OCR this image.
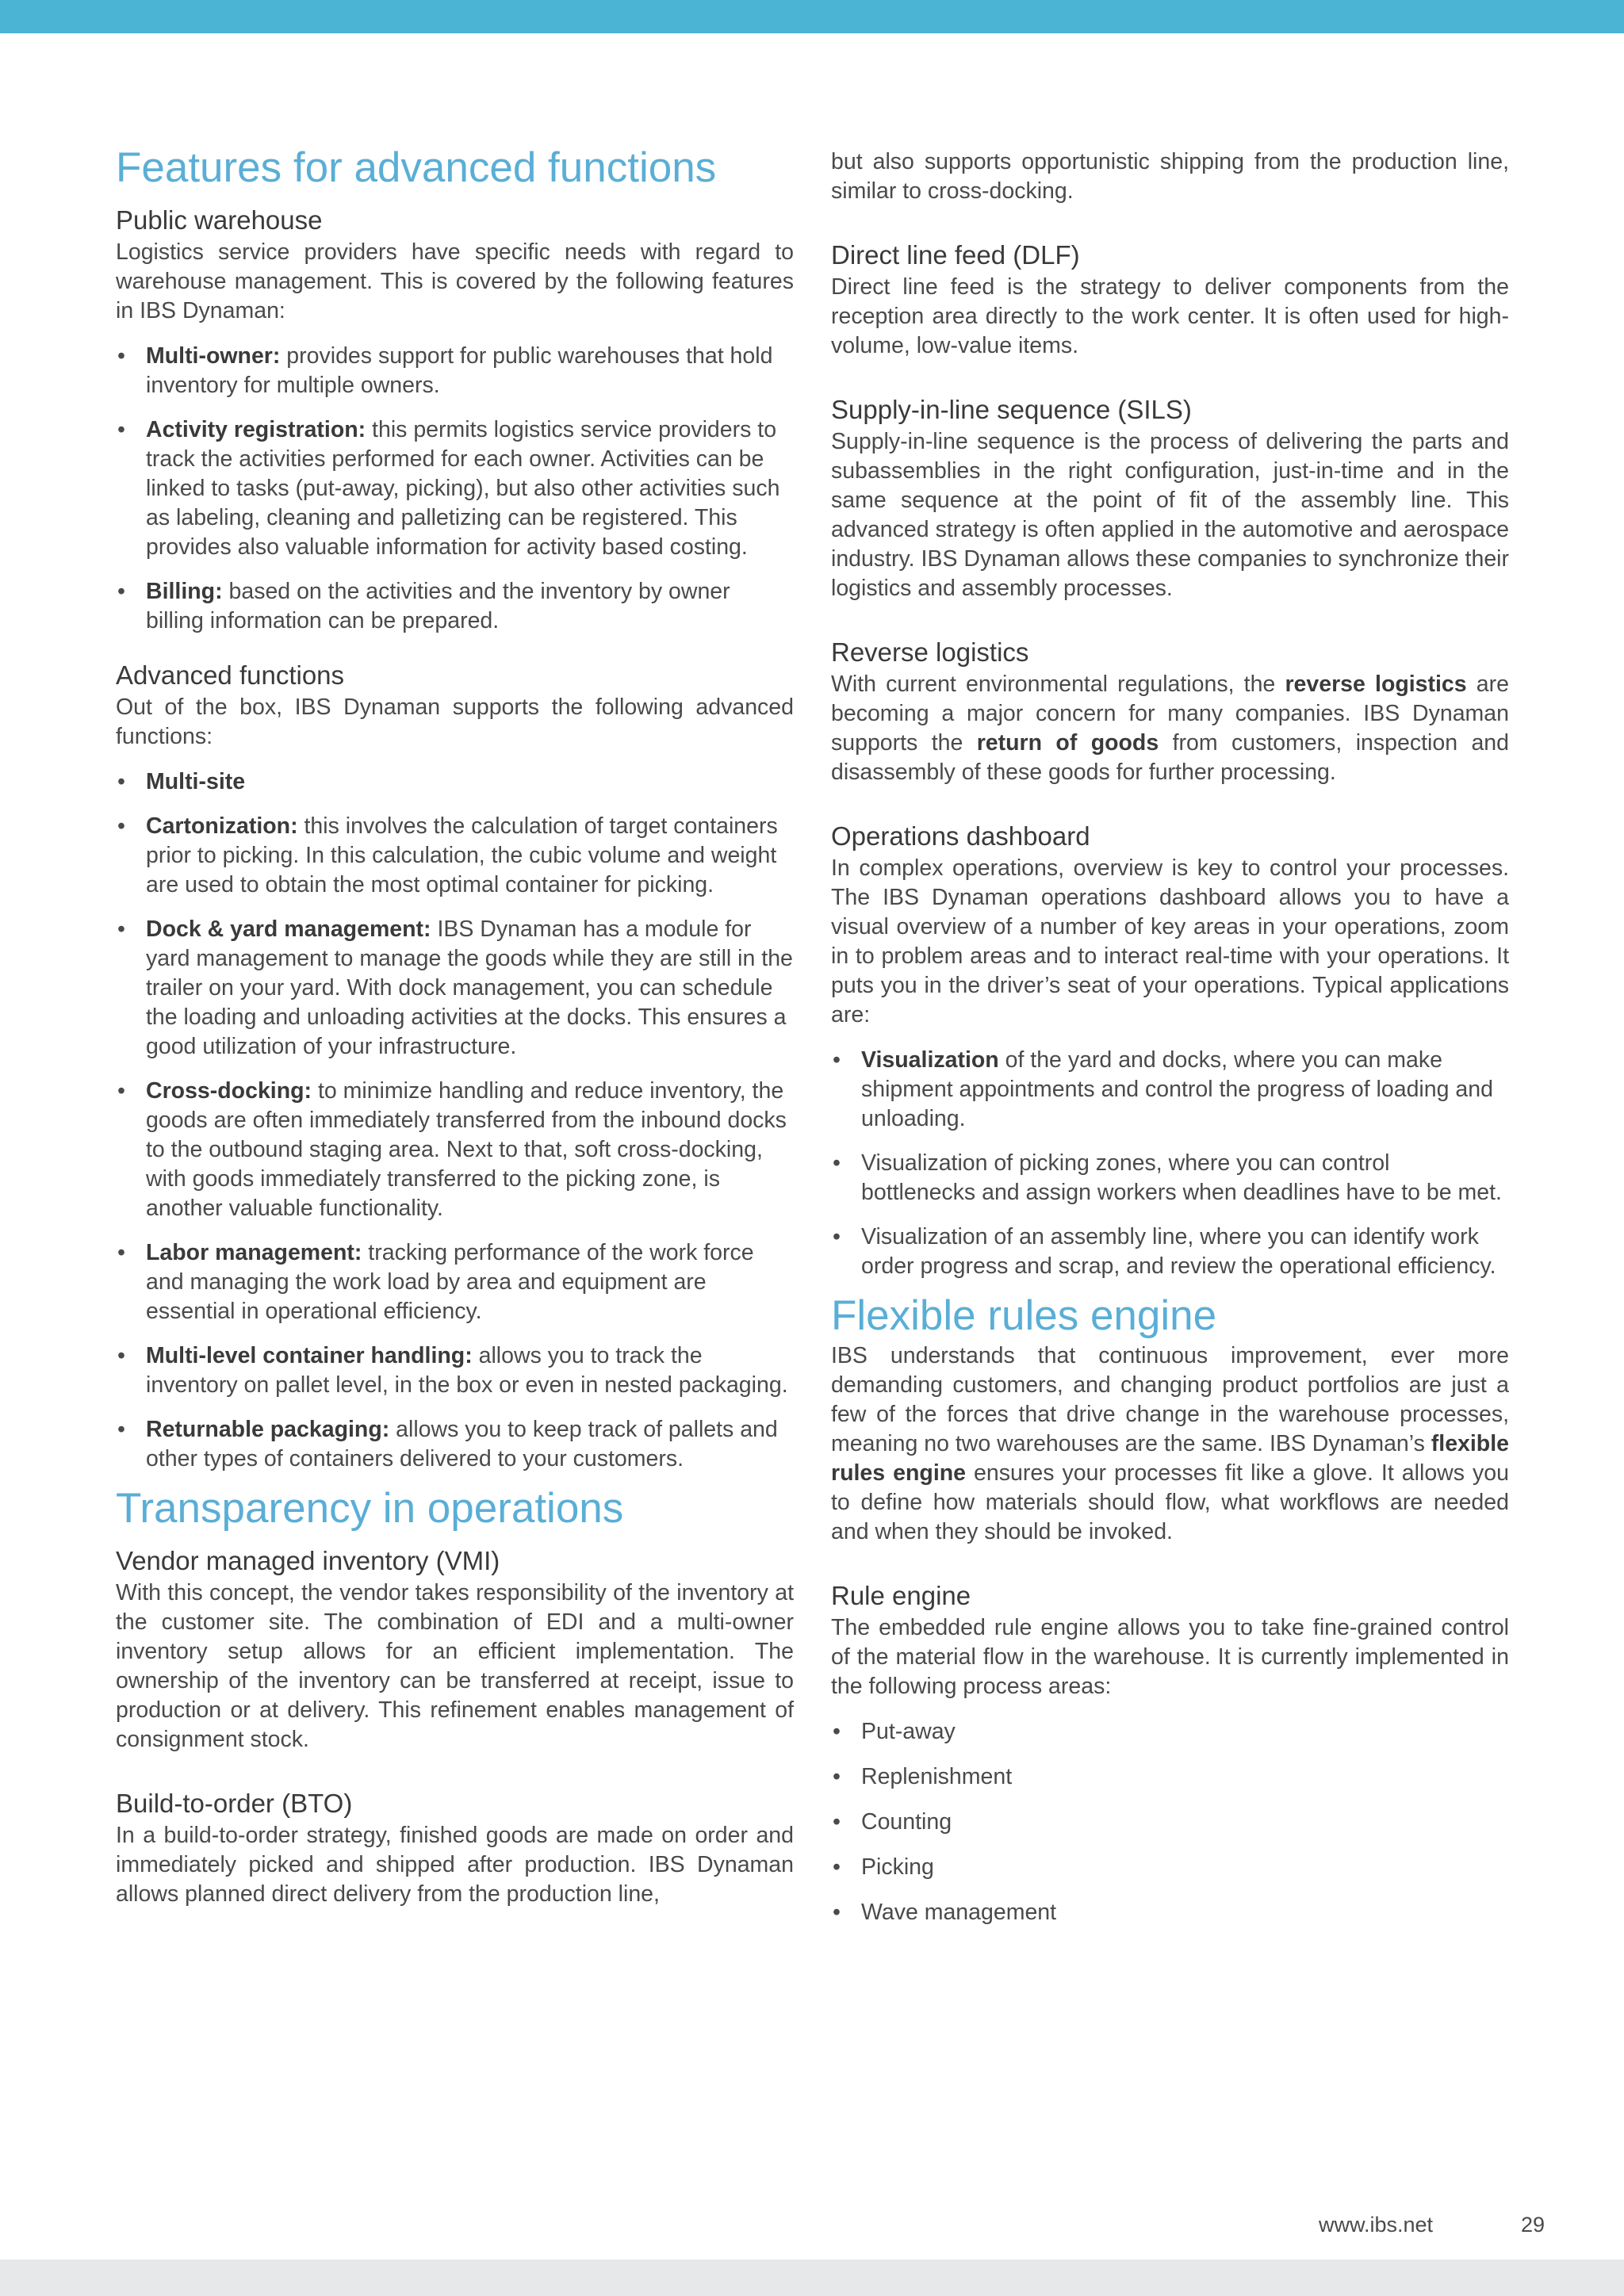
Features for advanced functions
Public warehouse

Logistics service providers have specific needs with regard to warehouse management. This is covered by the following features in IBS Dynaman:

• Multi-owner: provides support for public warehouses that hold inventory for multiple owners.
• Activity registration: this permits logistics service providers to track the activities performed for each owner. Activities can be linked to tasks (put-away, picking), but also other activities such as labeling, cleaning and palletizing can be registered. This provides also valuable information for activity based costing.
• Billing: based on the activities and the inventory by owner billing information can be prepared.
Advanced functions

Out of the box, IBS Dynaman supports the following advanced functions:

• Multi-site
• Cartonization: this involves the calculation of target containers prior to picking. In this calculation, the cubic volume and weight are used to obtain the most optimal container for picking.
• Dock & yard management: IBS Dynaman has a module for yard management to manage the goods while they are still in the trailer on your yard. With dock management, you can schedule the loading and unloading activities at the docks. This ensures a good utilization of your infrastructure.
• Cross-docking: to minimize handling and reduce inventory, the goods are often immediately transferred from the inbound docks to the outbound staging area. Next to that, soft cross-docking, with goods immediately transferred to the picking zone, is another valuable functionality.
• Labor management: tracking performance of the work force and managing the work load by area and equipment are essential in operational efficiency.
• Multi-level container handling: allows you to track the inventory on pallet level, in the box or even in nested packaging.
• Returnable packaging: allows you to keep track of pallets and other types of containers delivered to your customers.
Transparency in operations
Vendor managed inventory (VMI)

With this concept, the vendor takes responsibility of the inventory at the customer site. The combination of EDI and a multi-owner inventory setup allows for an efficient implementation. The ownership of the inventory can be transferred at receipt, issue to production or at delivery. This refinement enables management of consignment stock.

Build-to-order (BTO)

In a build-to-order strategy, finished goods are made on order and immediately picked and shipped after production. IBS Dynaman allows planned direct delivery from the production line,

but also supports opportunistic shipping from the production line, similar to cross-docking.

Direct line feed (DLF)

Direct line feed is the strategy to deliver components from the reception area directly to the work center. It is often used for high-volume, low-value items.

Supply-in-line sequence (SILS)

Supply-in-line sequence is the process of delivering the parts and subassemblies in the right configuration, just-in-time and in the same sequence at the point of fit of the assembly line. This advanced strategy is often applied in the automotive and aerospace industry. IBS Dynaman allows these companies to synchronize their logistics and assembly processes.

Reverse logistics

With current environmental regulations, the reverse logistics are becoming a major concern for many companies. IBS Dynaman supports the return of goods from customers, inspection and disassembly of these goods for further processing.

Operations dashboard

In complex operations, overview is key to control your processes. The IBS Dynaman operations dashboard allows you to have a visual overview of a number of key areas in your operations, zoom in to problem areas and to interact real-time with your operations. It puts you in the driver’s seat of your operations. Typical applications are:

• Visualization of the yard and docks, where you can make shipment appointments and control the progress of loading and unloading.
• Visualization of picking zones, where you can control bottlenecks and assign workers when deadlines have to be met.
• Visualization of an assembly line, where you can identify work order progress and scrap, and review the operational efficiency.
Flexible rules engine

IBS understands that continuous improvement, ever more demanding customers, and changing product portfolios are just a few of the forces that drive change in the warehouse processes, meaning no two warehouses are the same. IBS Dynaman’s flexible rules engine ensures your processes fit like a glove. It allows you to define how materials should flow, what workflows are needed and when they should be invoked.

Rule engine

The embedded rule engine allows you to take fine-grained control of the material flow in the warehouse. It is currently implemented in the following process areas:

• Put-away
• Replenishment
• Counting
• Picking
• Wave management
www.ibs.net	29
